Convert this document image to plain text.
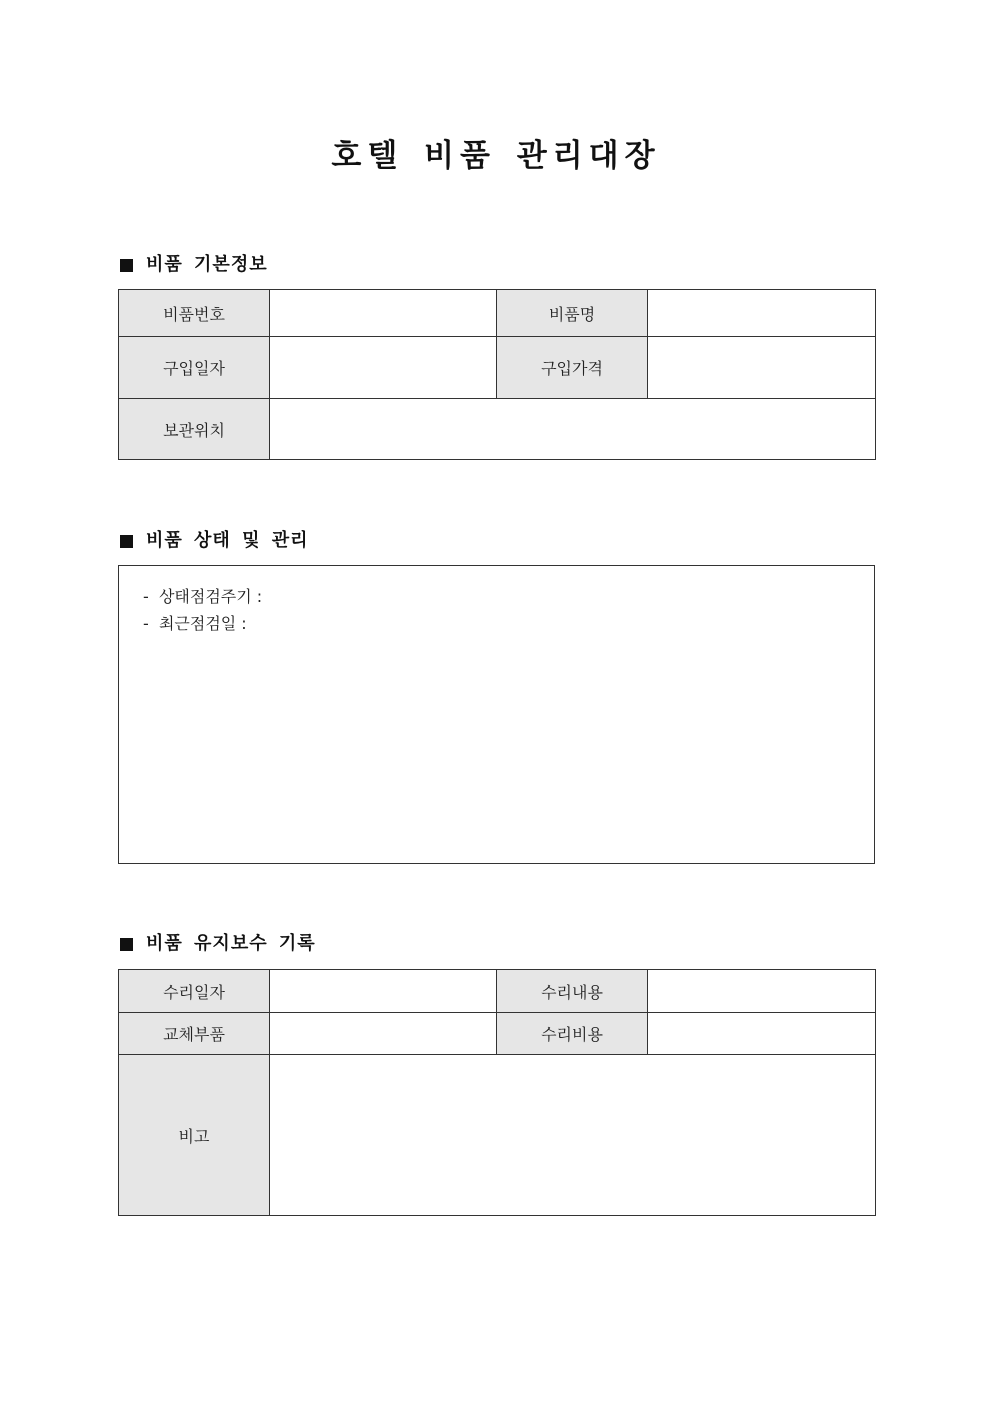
호텔 비품 관리대장
비품 기본정보
비품번호		비품명	
구입일자		구입가격	
보관위치			
비품 상태 및 관리
-  상태점검주기 :
-  최근점검일 :
비품 유지보수 기록
수리일자		수리내용	
교체부품		수리비용	
비고			
